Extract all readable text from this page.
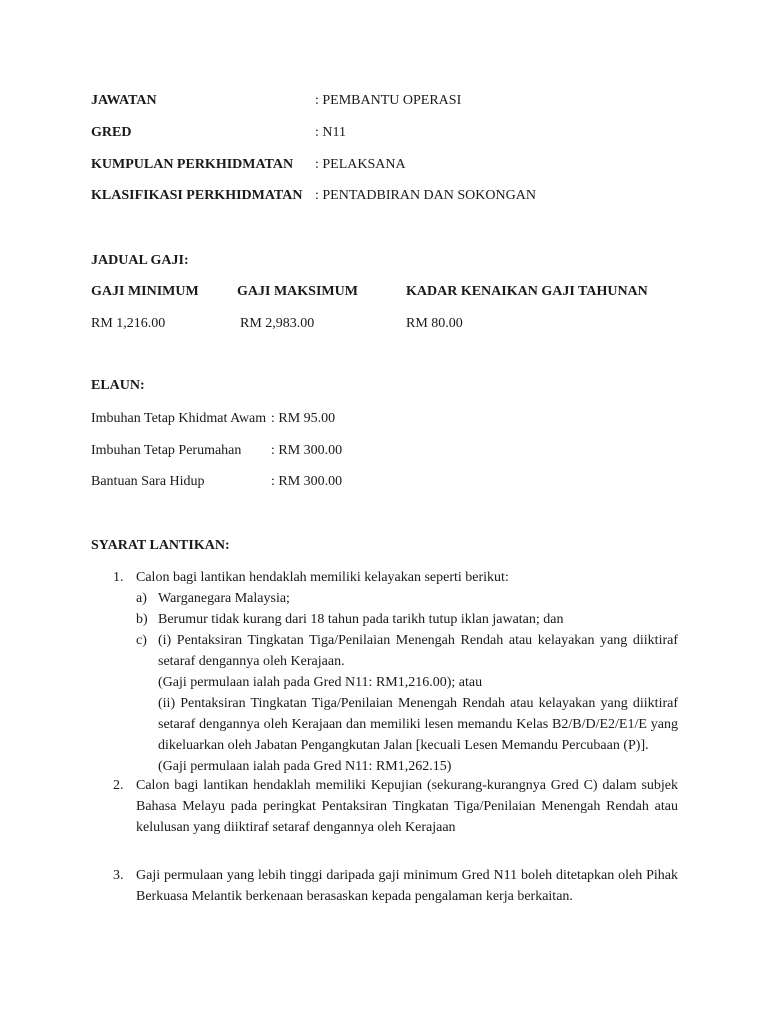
JAWATAN	: PEMBANTU OPERASI
GRED	: N11
KUMPULAN PERKHIDMATAN : PELAKSANA
KLASIFIKASI PERKHIDMATAN : PENTADBIRAN DAN SOKONGAN
JADUAL GAJI:
GAJI MINIMUM	GAJI MAKSIMUM	KADAR KENAIKAN GAJI TAHUNAN
RM 1,216.00	RM 2,983.00	RM 80.00
ELAUN:
Imbuhan Tetap Khidmat Awam : RM 95.00
Imbuhan Tetap Perumahan : RM 300.00
Bantuan Sara Hidup	: RM 300.00
SYARAT LANTIKAN:
1. Calon bagi lantikan hendaklah memiliki kelayakan seperti berikut:
a) Warganegara Malaysia;
b) Berumur tidak kurang dari 18 tahun pada tarikh tutup iklan jawatan; dan
c) (i) Pentaksiran Tingkatan Tiga/Penilaian Menengah Rendah atau kelayakan yang diiktiraf setaraf dengannya oleh Kerajaan.
(Gaji permulaan ialah pada Gred N11: RM1,216.00); atau
(ii) Pentaksiran Tingkatan Tiga/Penilaian Menengah Rendah atau kelayakan yang diiktiraf setaraf dengannya oleh Kerajaan dan memiliki lesen memandu Kelas B2/B/D/E2/E1/E yang dikeluarkan oleh Jabatan Pengangkutan Jalan [kecuali Lesen Memandu Percubaan (P)].
(Gaji permulaan ialah pada Gred N11: RM1,262.15)
2. Calon bagi lantikan hendaklah memiliki Kepujian (sekurang-kurangnya Gred C) dalam subjek Bahasa Melayu pada peringkat Pentaksiran Tingkatan Tiga/Penilaian Menengah Rendah atau kelulusan yang diiktiraf setaraf dengannya oleh Kerajaan
3. Gaji permulaan yang lebih tinggi daripada gaji minimum Gred N11 boleh ditetapkan oleh Pihak Berkuasa Melantik berkenaan berasaskan kepada pengalaman kerja berkaitan.
